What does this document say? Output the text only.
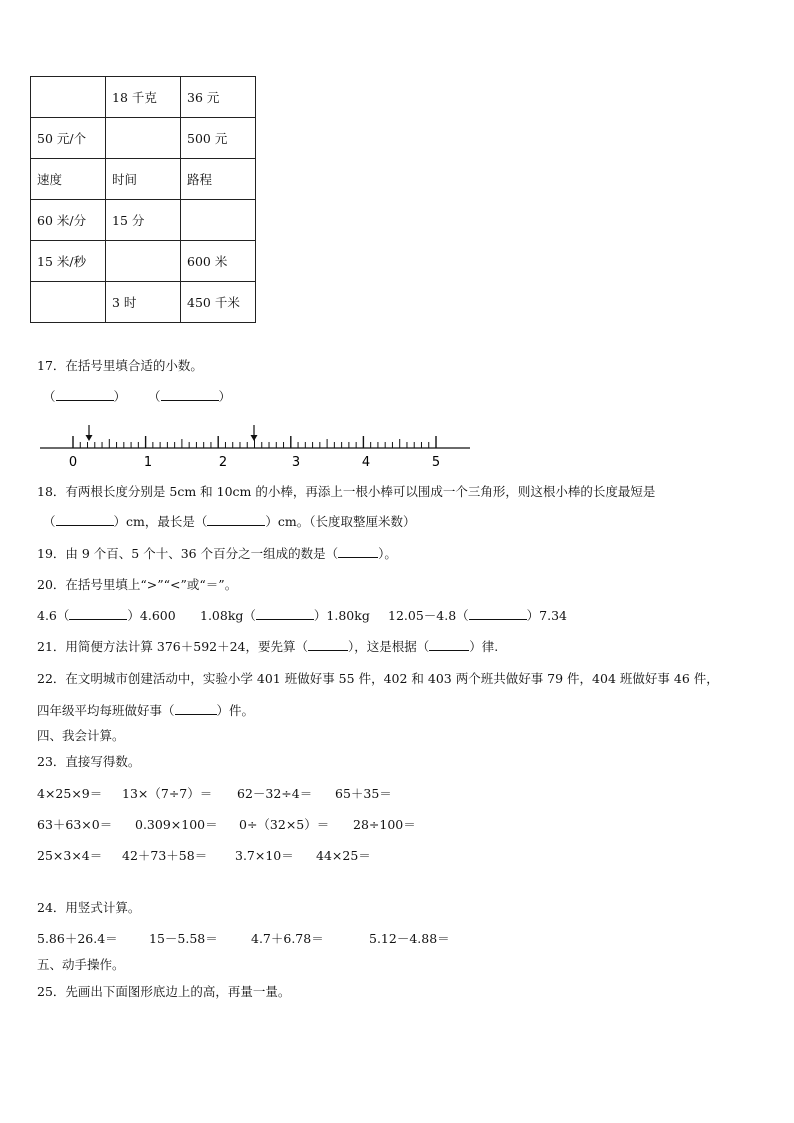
	18 千克	36 元
50 元/个		500 元
速度	时间	路程
60 米/分	15 分	
15 米/秒		600 米
	3 时	450 千米
17．在括号里填合适的小数。
（	） （	）
0	1	2	3	4	5
18．有两根长度分别是 5cm 和 10cm 的小棒，再添上一根小棒可以围成一个三角形，则这根小棒的长度最短是
（	）cm，最长是（	）cm。（长度取整厘米数）
19．由 9 个百、5 个十、36 个百分之一组成的数是（	）。
20．在括号里填上“>”“<”或“＝”。
4.6（	）4.600 1.08kg（	）1.80kg 12.05－4.8（	）7.34
21．用简便方法计算 376＋592＋24，要先算（	），这是根据（	）律.
22．在文明城市创建活动中，实验小学 401 班做好事 55 件，402 和 403 两个班共做好事 79 件，404 班做好事 46 件，
四年级平均每班做好事（	）件。
四、我会计算。
23．直接写得数。
4×25×9＝ 13×（7÷7）＝ 62－32÷4＝ 65＋35＝
63＋63×0＝ 0.309×100＝ 0÷（32×5）＝ 28÷100＝
25×3×4＝ 42＋73＋58＝ 3.7×10＝ 44×25＝
24．用竖式计算。
5.86＋26.4＝	15－5.58＝	4.7＋6.78＝	5.12－4.88＝
五、动手操作。
25．先画出下面图形底边上的高，再量一量。
